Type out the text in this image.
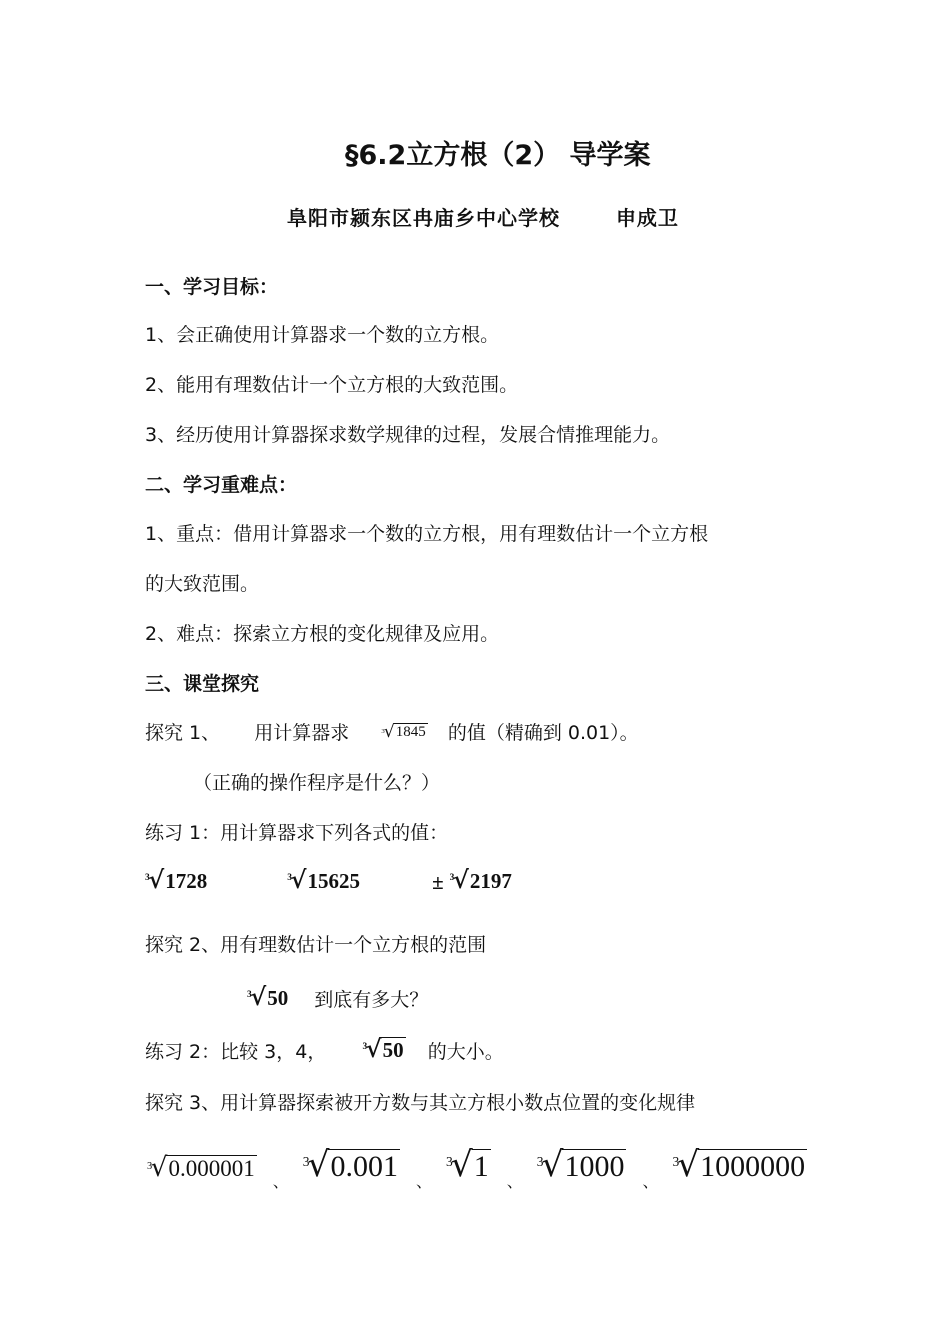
§6.2立方根（2） 导学案
阜阳市颍东区冉庙乡中心学校	申成卫
一、学习目标：
1、会正确使用计算器求一个数的立方根。
2、能用有理数估计一个立方根的大致范围。
3、经历使用计算器探求数学规律的过程，发展合情推理能力。
二、学习重难点：
1、重点：借用计算器求一个数的立方根，用有理数估计一个立方根
的大致范围。
2、难点：探索立方根的变化规律及应用。
三、课堂探究
探究 1、 用计算器求	3 √ 1845 的值（精确到 0.01）。
（正确的操作程序是什么？）
练习 1：用计算器求下列各式的值：
3
√ 1728
	3
√ 15625	± 3
√ 2197
探究 2、用有理数估计一个立方根的范围
3
√ 50 到底有多大？
练习 2：比较 3，4，	3
√ 50 的大小。
探究 3、用计算器探索被开方数与其立方根小数点位置的变化规律
3
√ 0.000001 、
3
√ 0.001 、
3
√ 1 、
3
√ 1000 、
3
√ 1000000
